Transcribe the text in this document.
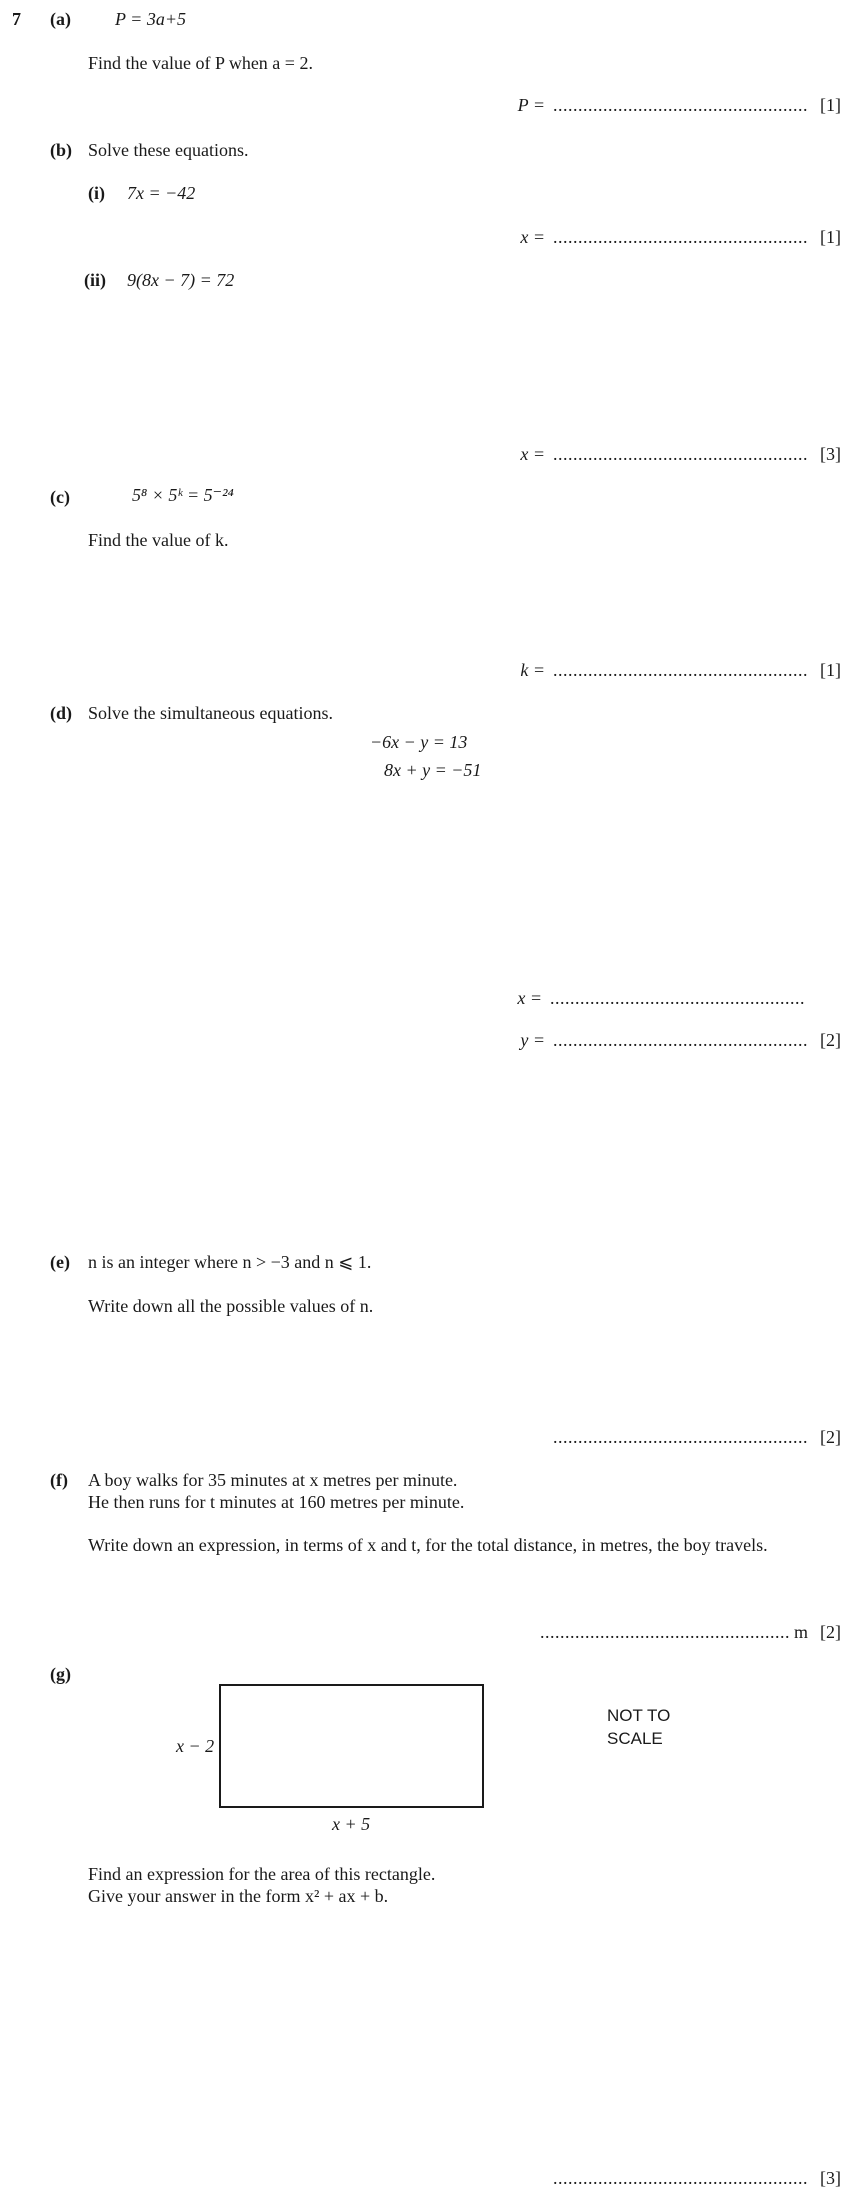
7 (a) P = 3a+5
Find the value of P when a = 2.
P = ................................................... [1]
(b) Solve these equations.
(i) 7x = −42
x = ................................................... [1]
(ii) 9(8x − 7) = 72
x = ................................................... [3]
(c)	5⁸ × 5ᵏ = 5⁻²⁴
Find the value of k.
k = ................................................... [1]
(d) Solve the simultaneous equations.
−6x − y = 13
8x + y = −51
x = ...................................................
y = ................................................... [2]
(e) n is an integer where n > −3 and n ⩽ 1.
Write down all the possible values of n.
................................................... [2]
(f) A boy walks for 35 minutes at x metres per minute.
He then runs for t minutes at 160 metres per minute.
Write down an expression, in terms of x and t, for the total distance, in metres, the boy travels.
.................................................. m [2]
(g)
x − 2
x + 5
NOT TO
SCALE
Find an expression for the area of this rectangle.
Give your answer in the form x² + ax + b.
................................................... [3]
